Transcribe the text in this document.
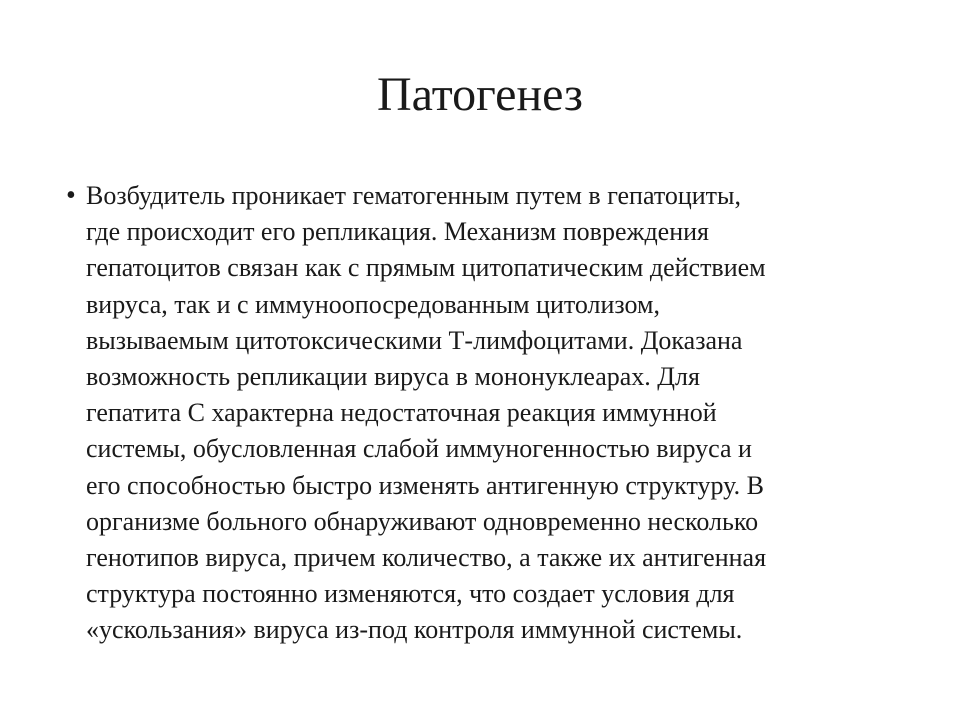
Патогенез
• Возбудитель проникает гематогенным путем в гепатоциты,
где происходит его репликация. Механизм повреждения
гепатоцитов связан как с прямым цитопатическим действием
вируса, так и с иммуноопосредованным цитолизом,
вызываемым цитотоксическими Т-лимфоцитами. Доказана
возможность репликации вируса в мононуклеарах. Для
гепатита С характерна недостаточная реакция иммунной
системы, обусловленная слабой иммуногенностью вируса и
его способностью быстро изменять антигенную структуру. В
организме больного обнаруживают одновременно несколько
генотипов вируса, причем количество, а также их антигенная
структура постоянно изменяются, что создает условия для
«ускользания» вируса из-под контроля иммунной системы.
